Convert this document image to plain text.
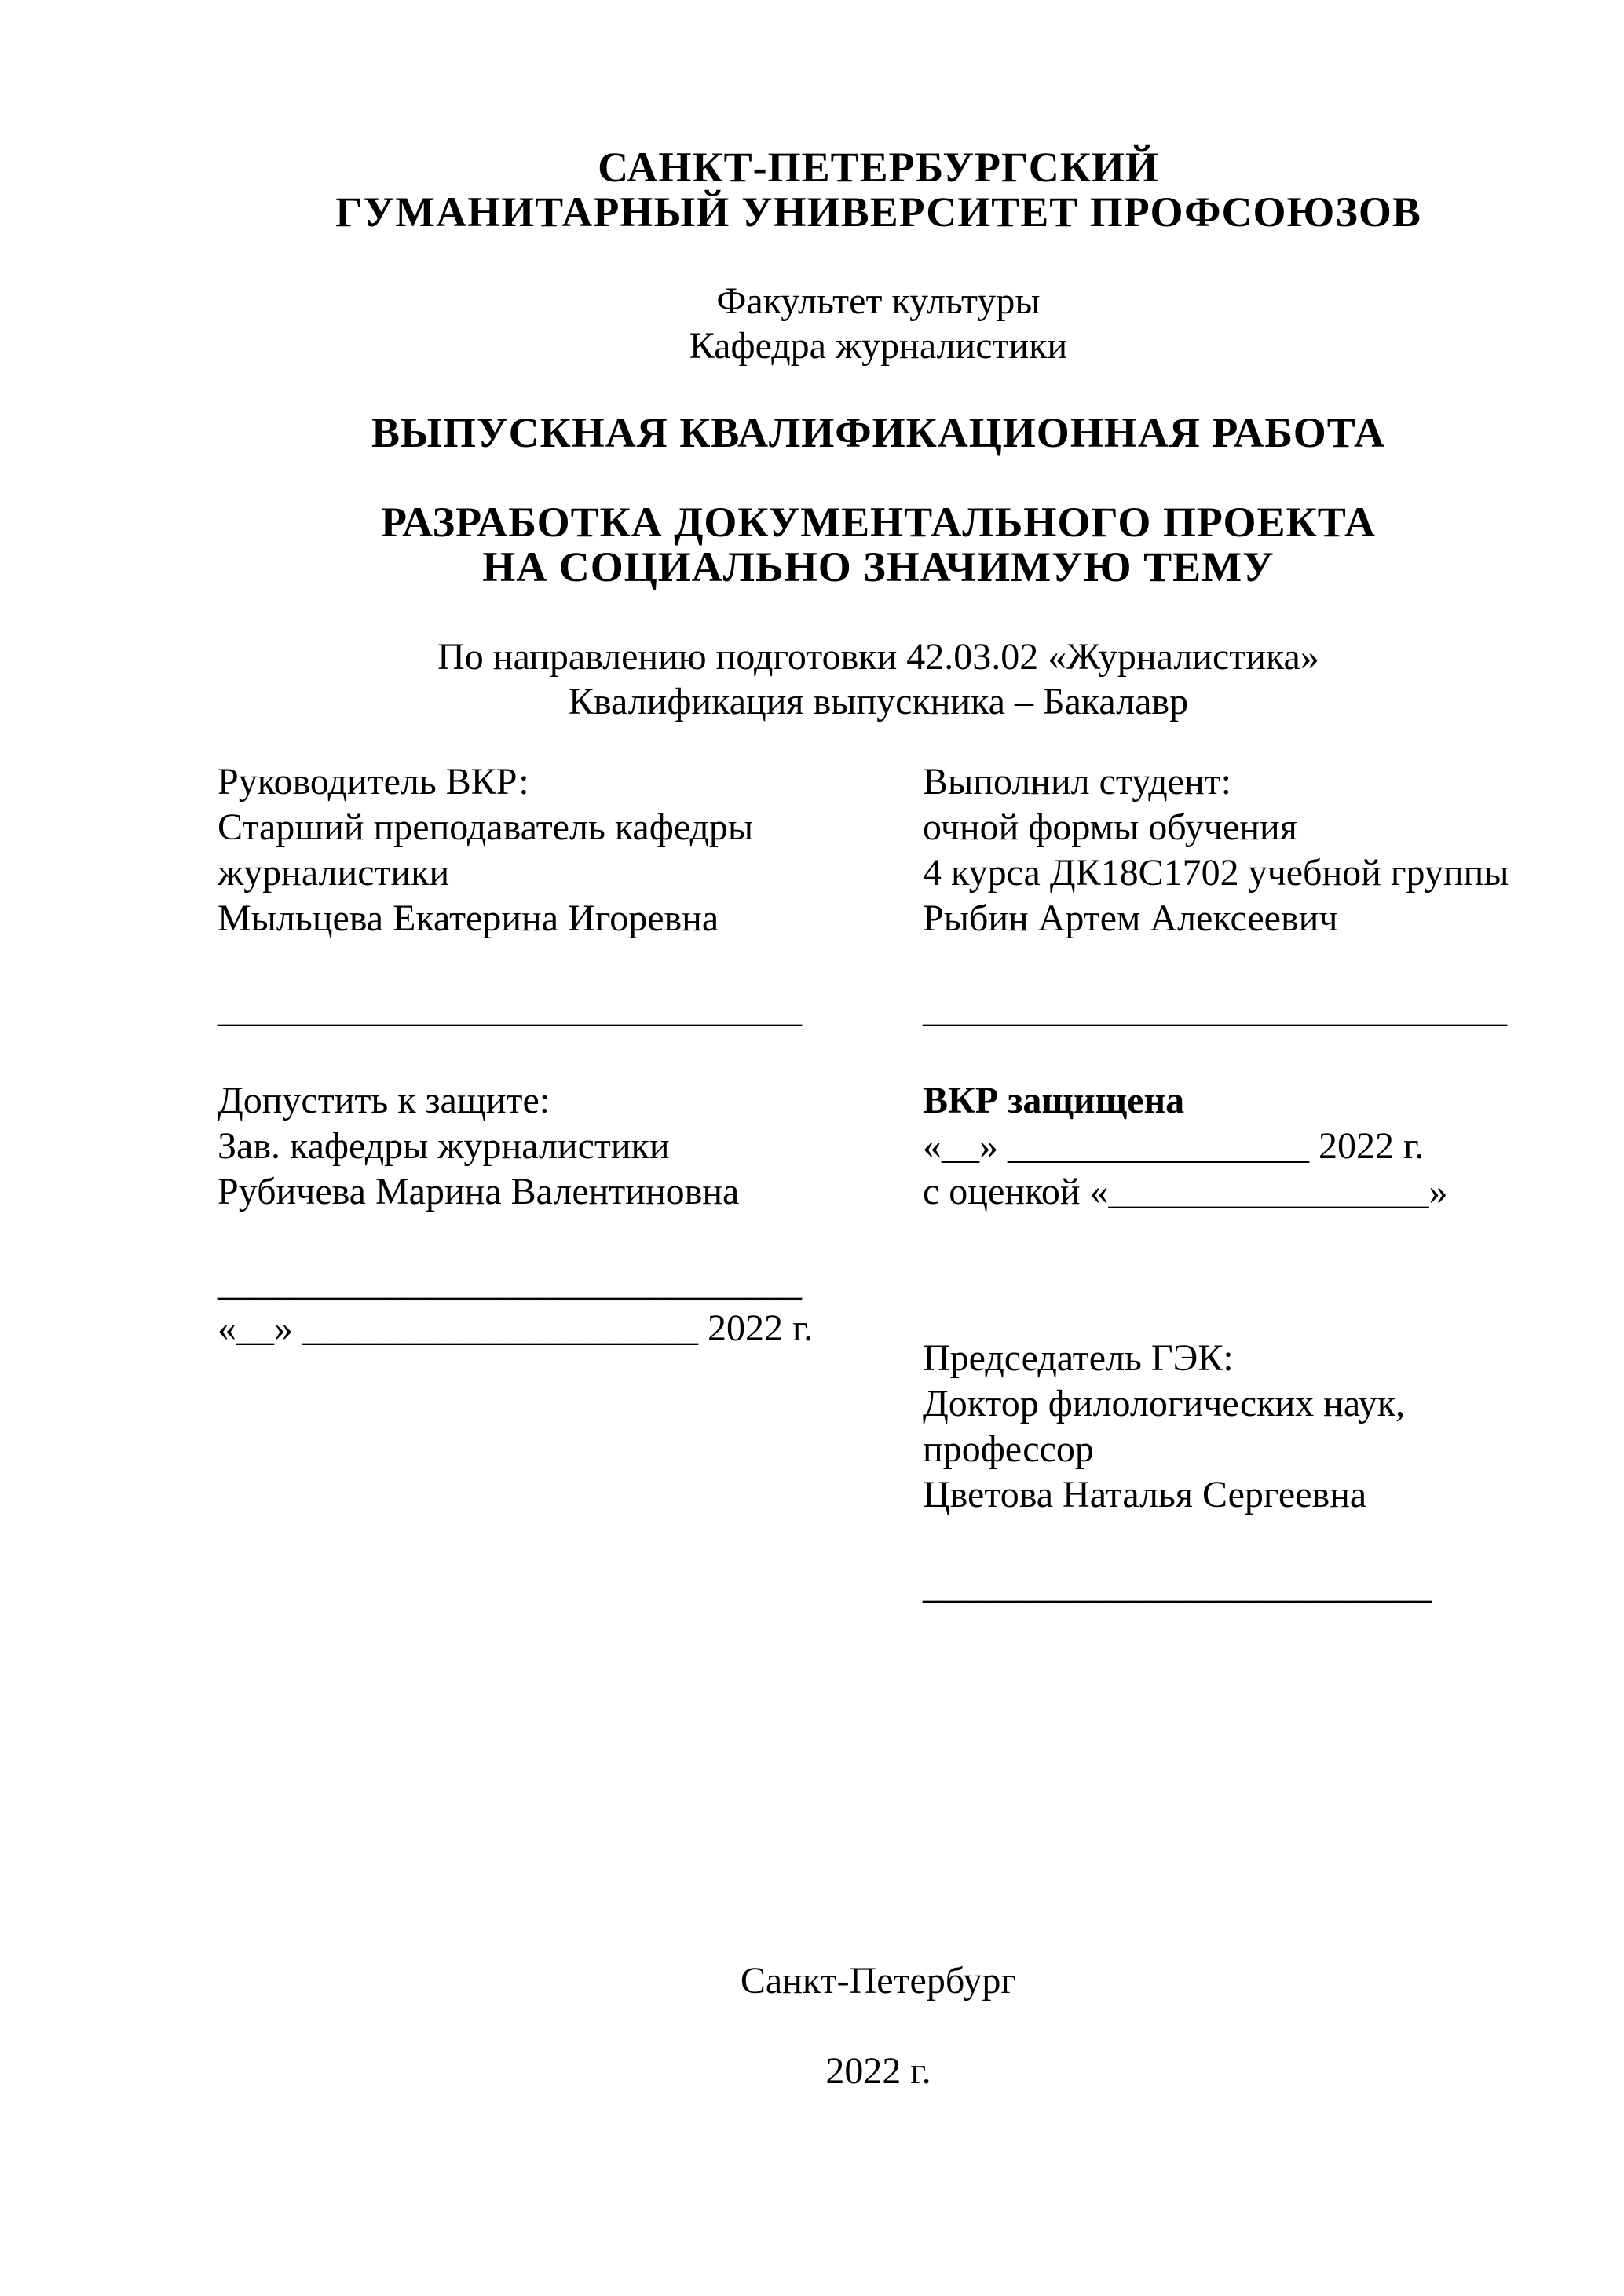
САНКТ-ПЕТЕРБУРГСКИЙ
ГУМАНИТАРНЫЙ УНИВЕРСИТЕТ ПРОФСОЮЗОВ
Факультет культуры
Кафедра журналистики
ВЫПУСКНАЯ КВАЛИФИКАЦИОННАЯ РАБОТА
РАЗРАБОТКА ДОКУМЕНТАЛЬНОГО ПРОЕКТА
НА СОЦИАЛЬНО ЗНАЧИМУЮ ТЕМУ
По направлению подготовки 42.03.02 «Журналистика»
Квалификация выпускника – Бакалавр
Руководитель ВКР:
Старший преподаватель кафедры
журналистики
Мыльцева Екатерина Игоревна
_______________________________
Допустить к защите:
Зав. кафедры журналистики
Рубичева Марина Валентиновна
_______________________________
«__» _____________________ 2022 г.
Выполнил студент:
очной формы обучения
4 курса ДК18С1702 учебной группы
Рыбин Артем Алексеевич
_______________________________
ВКР защищена
«__» ________________ 2022 г.
с оценкой «_________________»
Председатель ГЭК:
Доктор филологических наук,
профессор
Цветова Наталья Сергеевна
___________________________
Санкт-Петербург
2022 г.
